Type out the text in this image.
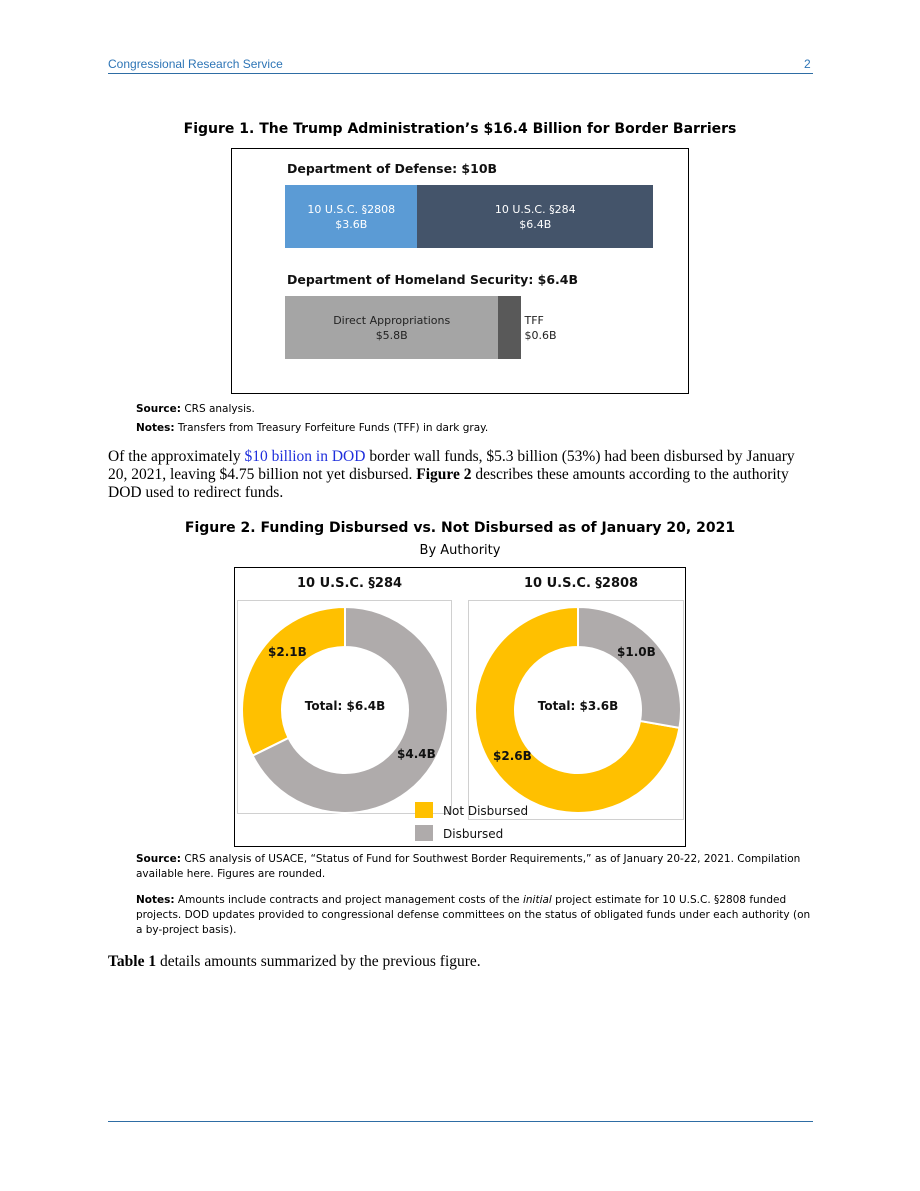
Congressional Research Service	2
Figure 1. The Trump Administration’s $16.4 Billion for Border Barriers
Department of Defense: $10B
10 U.S.C. §2808
$3.6B
10 U.S.C. §284
$6.4B
Department of Homeland Security: $6.4B
Direct Appropriations
$5.8B
TFF
$0.6B
Source: CRS analysis.
Notes: Transfers from Treasury Forfeiture Funds (TFF) in dark gray.
Of the approximately $10 billion in DOD border wall funds, $5.3 billion (53%) had been disbursed by January 20, 2021, leaving $4.75 billion not yet disbursed. Figure 2 describes these amounts according to the authority DOD used to redirect funds.
Figure 2. Funding Disbursed vs. Not Disbursed as of January 20, 2021
By Authority
10 U.S.C. §284	10 U.S.C. §2808
Total: $6.4B	Total: $3.6B
$2.1B
$4.4B	$2.6B
$1.0B
Not Disbursed
Disbursed
Source: CRS analysis of USACE, “Status of Fund for Southwest Border Requirements,” as of January 20-22, 2021. Compilation available here. Figures are rounded.
Notes: Amounts include contracts and project management costs of the initial project estimate for 10 U.S.C. §2808 funded projects. DOD updates provided to congressional defense committees on the status of obligated funds under each authority (on a by-project basis).
Table 1 details amounts summarized by the previous figure.
